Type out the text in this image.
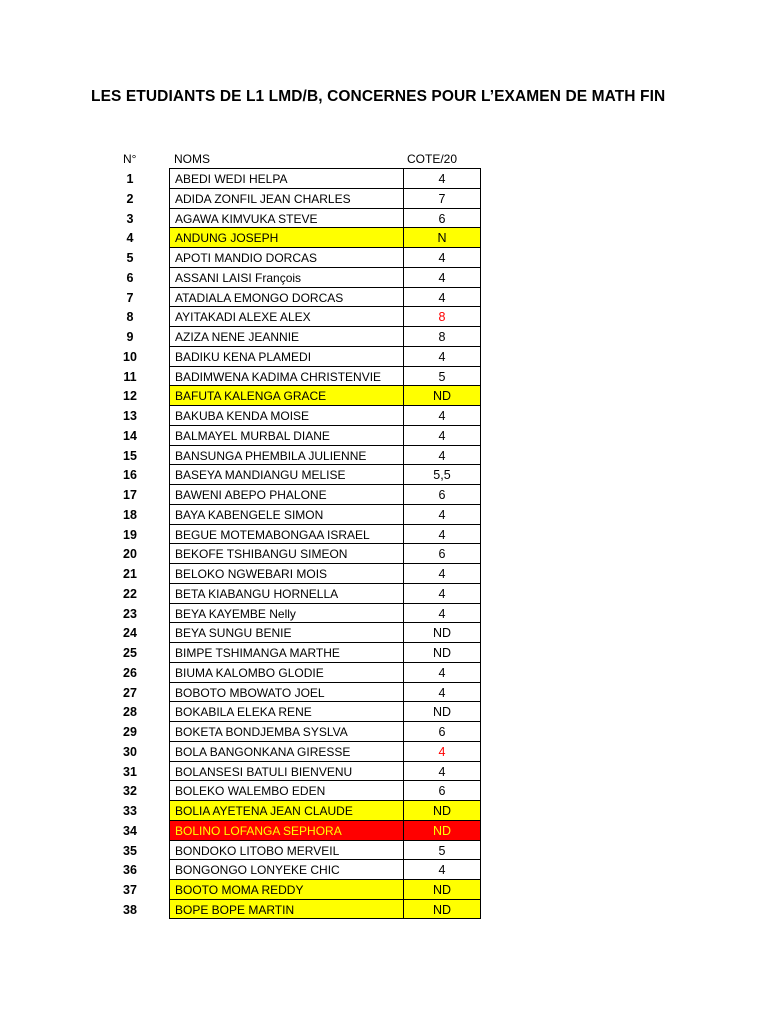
LES ETUDIANTS DE L1 LMD/B, CONCERNES POUR L’EXAMEN DE MATH FIN
N°	NOMS	COTE/20
1	ABEDI WEDI HELPA	4
2	ADIDA ZONFIL JEAN CHARLES	7
3	AGAWA KIMVUKA STEVE	6
4	ANDUNG JOSEPH	N
5	APOTI MANDIO DORCAS	4
6	ASSANI LAISI François	4
7	ATADIALA EMONGO DORCAS	4
8	AYITAKADI ALEXE ALEX	8
9	AZIZA NENE JEANNIE	8
10	BADIKU KENA PLAMEDI	4
11	BADIMWENA KADIMA CHRISTENVIE	5
12	BAFUTA KALENGA GRACE	ND
13	BAKUBA KENDA MOISE	4
14	BALMAYEL MURBAL DIANE	4
15	BANSUNGA PHEMBILA JULIENNE	4
16	BASEYA MANDIANGU MELISE	5,5
17	BAWENI ABEPO PHALONE	6
18	BAYA KABENGELE SIMON	4
19	BEGUE MOTEMABONGAA ISRAEL	4
20	BEKOFE TSHIBANGU SIMEON	6
21	BELOKO NGWEBARI MOIS	4
22	BETA KIABANGU HORNELLA	4
23	BEYA KAYEMBE Nelly	4
24	BEYA SUNGU BENIE	ND
25	BIMPE TSHIMANGA MARTHE	ND
26	BIUMA KALOMBO GLODIE	4
27	BOBOTO MBOWATO JOEL	4
28	BOKABILA ELEKA RENE	ND
29	BOKETA BONDJEMBA SYSLVA	6
30	BOLA BANGONKANA GIRESSE	4
31	BOLANSESI BATULI BIENVENU	4
32	BOLEKO WALEMBO EDEN	6
33	BOLIA AYETENA JEAN CLAUDE	ND
34	BOLINO LOFANGA SEPHORA	ND
35	BONDOKO LITOBO MERVEIL	5
36	BONGONGO LONYEKE CHIC	4
37	BOOTO MOMA REDDY	ND
38	BOPE BOPE MARTIN	ND
